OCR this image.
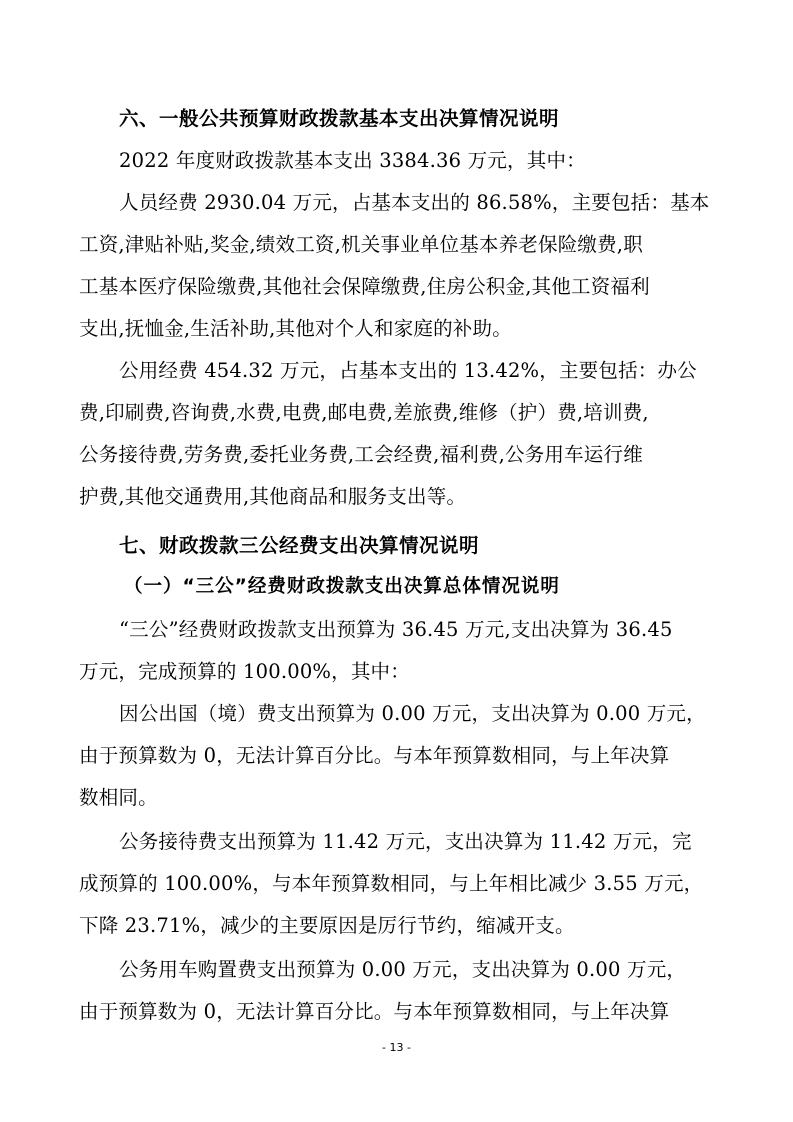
六、一般公共预算财政拨款基本支出决算情况说明
2022 年度财政拨款基本支出 3384.36 万元，其中：
人员经费 2930.04 万元，占基本支出的 86.58%，主要包括：基本
工资,津贴补贴,奖金,绩效工资,机关事业单位基本养老保险缴费,职
工基本医疗保险缴费,其他社会保障缴费,住房公积金,其他工资福利
支出,抚恤金,生活补助,其他对个人和家庭的补助。
公用经费 454.32 万元，占基本支出的 13.42%，主要包括：办公
费,印刷费,咨询费,水费,电费,邮电费,差旅费,维修（护）费,培训费,
公务接待费,劳务费,委托业务费,工会经费,福利费,公务用车运行维
护费,其他交通费用,其他商品和服务支出等。
七、财政拨款三公经费支出决算情况说明
（一）“三公”经费财政拨款支出决算总体情况说明
“三公”经费财政拨款支出预算为 36.45 万元,支出决算为 36.45
万元，完成预算的 100.00%，其中：
因公出国（境）费支出预算为 0.00 万元，支出决算为 0.00 万元，
由于预算数为 0，无法计算百分比。与本年预算数相同，与上年决算
数相同。
公务接待费支出预算为 11.42 万元，支出决算为 11.42 万元，完
成预算的 100.00%，与本年预算数相同，与上年相比减少 3.55 万元，
下降 23.71%，减少的主要原因是厉行节约，缩减开支。
公务用车购置费支出预算为 0.00 万元，支出决算为 0.00 万元，
由于预算数为 0，无法计算百分比。与本年预算数相同，与上年决算
- 13 -
